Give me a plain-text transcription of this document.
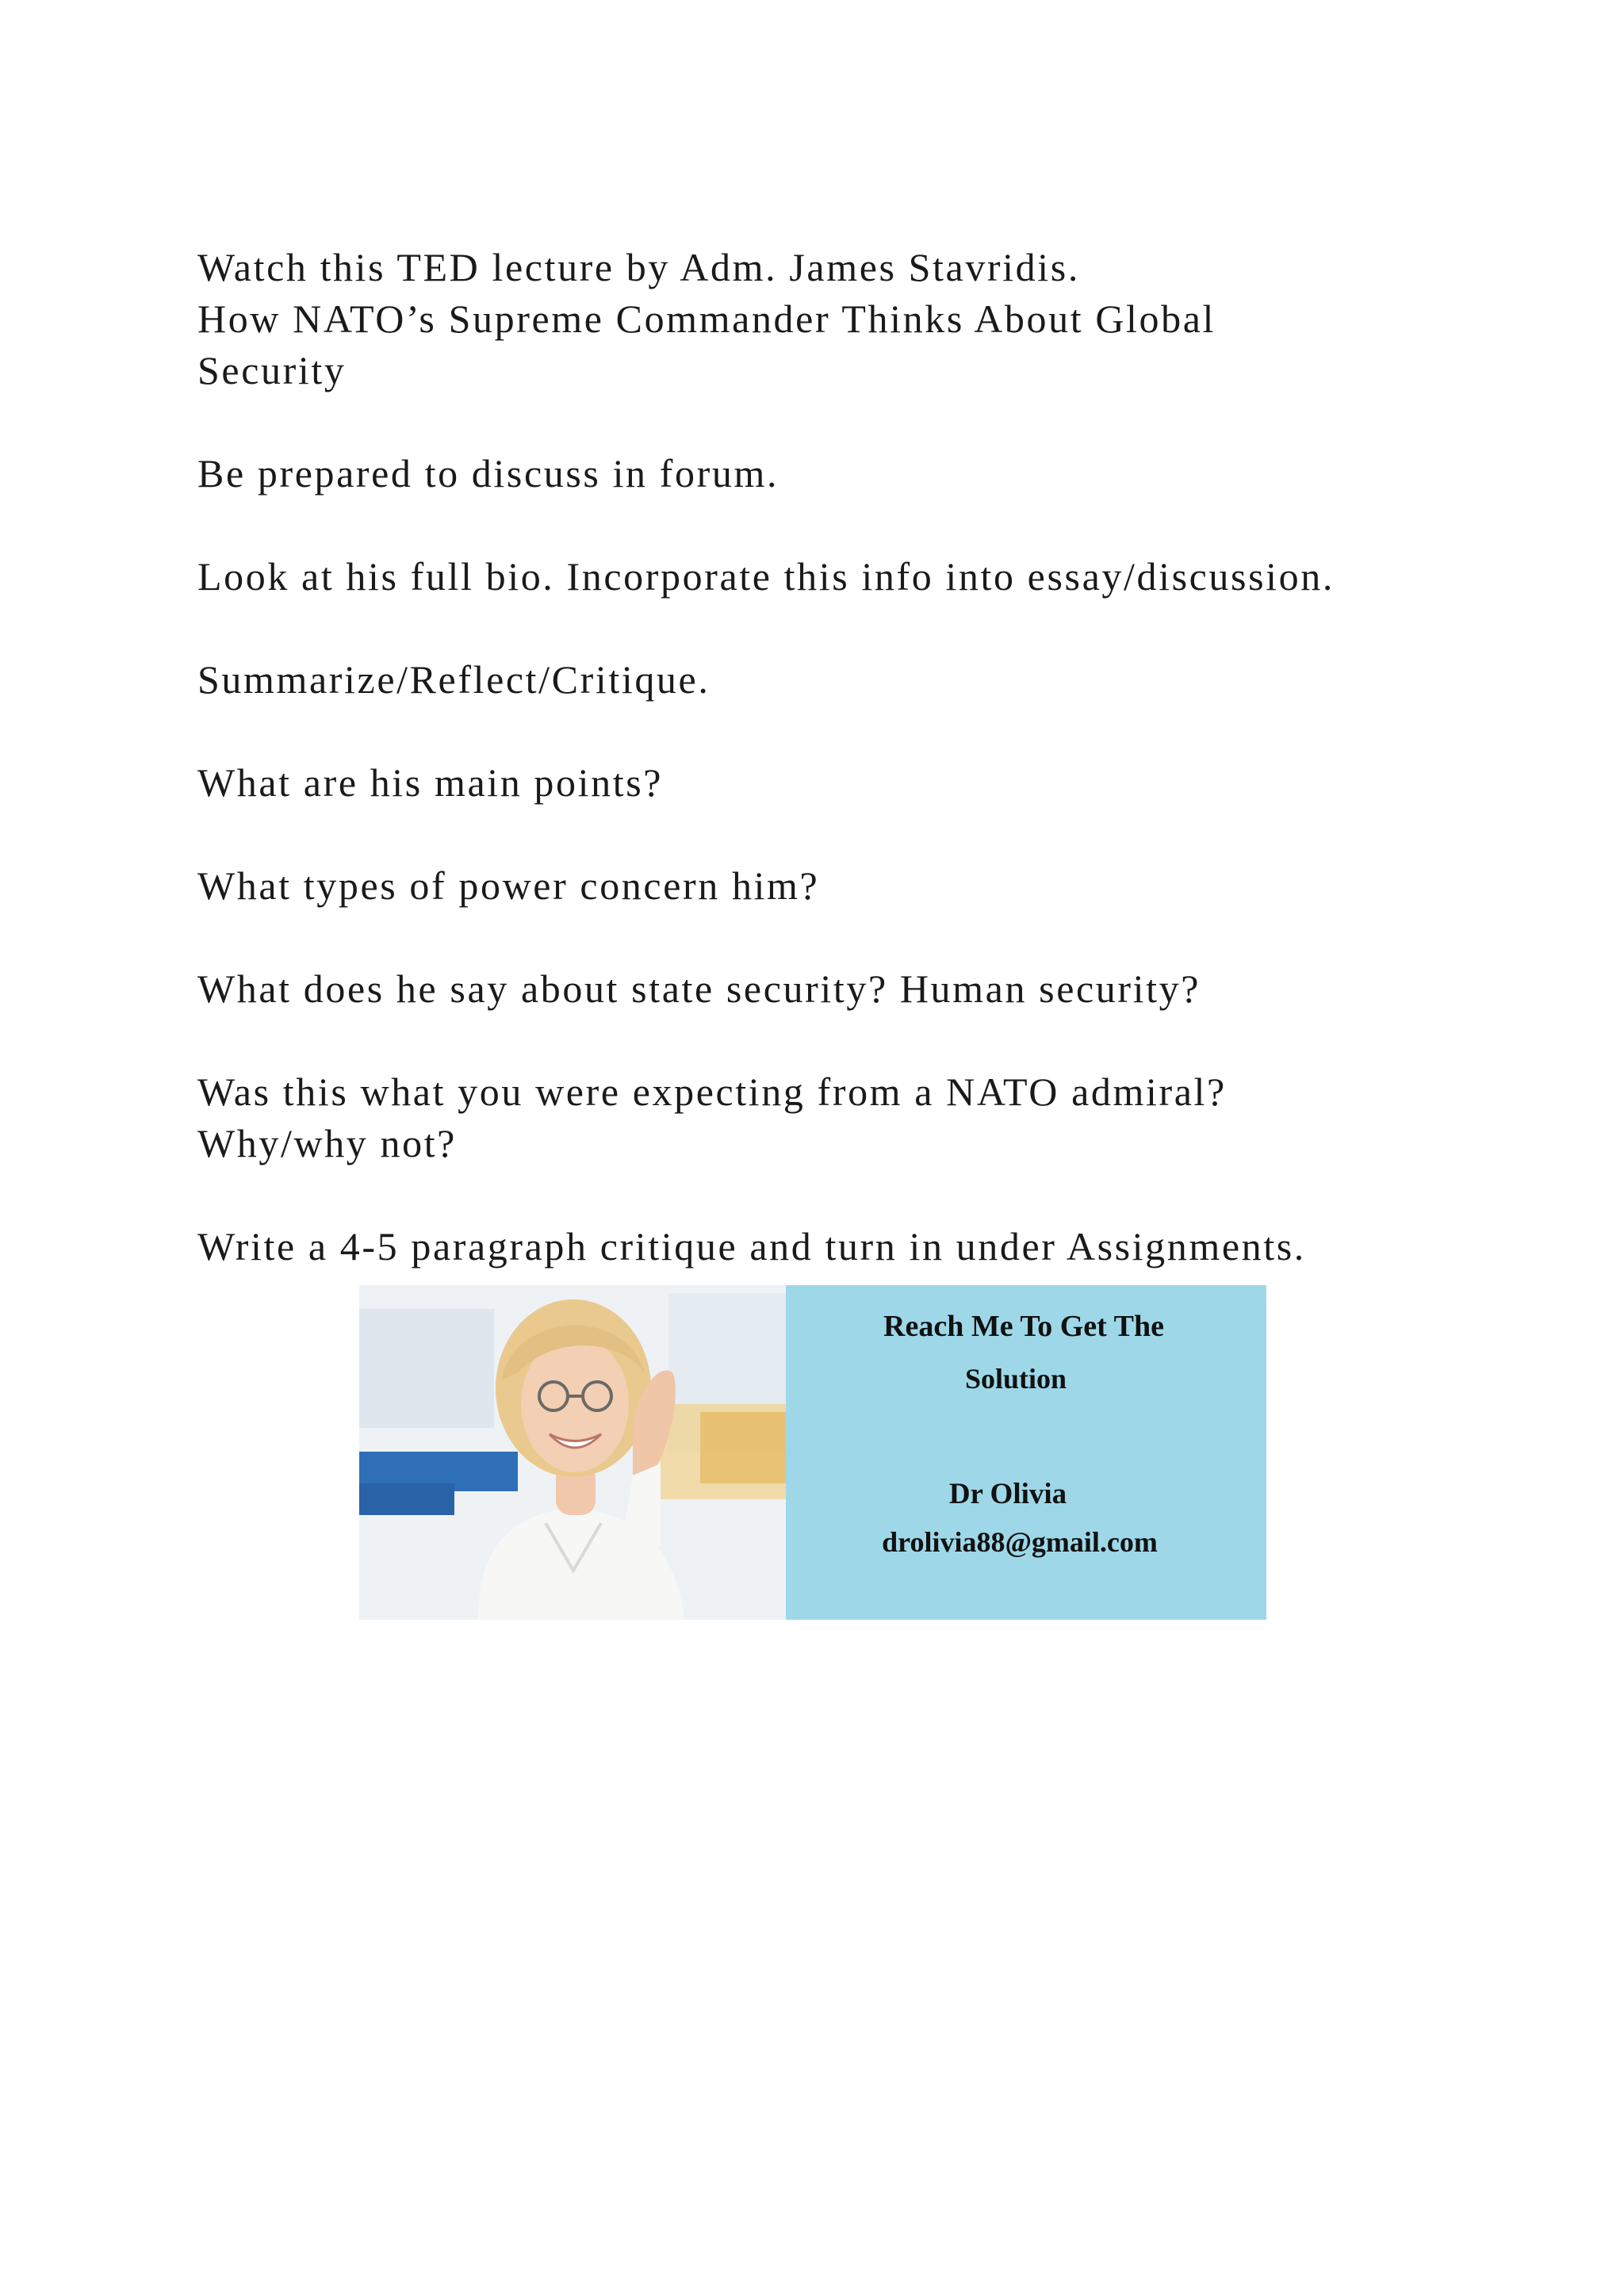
Watch this TED lecture by Adm. James Stavridis.
How NATO’s Supreme Commander Thinks About Global
Security
Be prepared to discuss in forum.
Look at his full bio. Incorporate this info into essay/discussion.
Summarize/Reflect/Critique.
What are his main points?
What types of power concern him?
What does he say about state security? Human security?
Was this what you were expecting from a NATO admiral?
Why/why not?
Write a 4-5 paragraph critique and turn in under Assignments.
Reach Me To Get The
Solution
Dr Olivia
drolivia88@gmail.com
